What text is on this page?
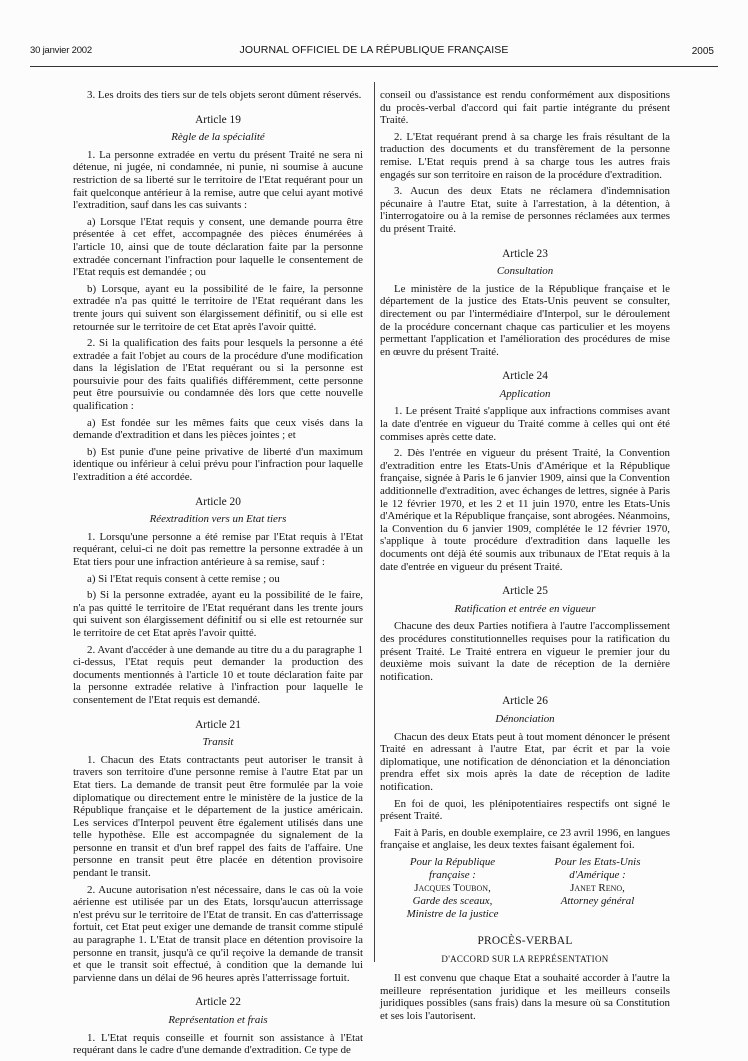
30 janvier 2002	JOURNAL OFFICIEL DE LA RÉPUBLIQUE FRANÇAISE	2005

3. Les droits des tiers sur de tels objets seront dûment réservés.

Article 19
Règle de la spécialité

1. La personne extradée en vertu du présent Traité ne sera ni détenue, ni jugée, ni condamnée, ni punie, ni soumise à aucune restriction de sa liberté sur le territoire de l'Etat requérant pour un fait quelconque antérieur à la remise, autre que celui ayant motivé l'extradition, sauf dans les cas suivants :

a) Lorsque l'Etat requis y consent, une demande pourra être présentée à cet effet, accompagnée des pièces énumérées à l'article 10, ainsi que de toute déclaration faite par la personne extradée concernant l'infraction pour laquelle le consentement de l'Etat requis est demandée ; ou

b) Lorsque, ayant eu la possibilité de le faire, la personne extradée n'a pas quitté le territoire de l'Etat requérant dans les trente jours qui suivent son élargissement définitif, ou si elle est retournée sur le territoire de cet Etat après l'avoir quitté.

2. Si la qualification des faits pour lesquels la personne a été extradée a fait l'objet au cours de la procédure d'une modification dans la législation de l'Etat requérant ou si la personne est poursuivie pour des faits qualifiés différemment, cette personne peut être poursuivie ou condamnée dès lors que cette nouvelle qualification :

a) Est fondée sur les mêmes faits que ceux visés dans la demande d'extradition et dans les pièces jointes ; et

b) Est punie d'une peine privative de liberté d'un maximum identique ou inférieur à celui prévu pour l'infraction pour laquelle l'extradition a été accordée.

Article 20
Réextradition vers un Etat tiers

1. Lorsqu'une personne a été remise par l'Etat requis à l'Etat requérant, celui-ci ne doit pas remettre la personne extradée à un Etat tiers pour une infraction antérieure à sa remise, sauf :

a) Si l'Etat requis consent à cette remise ; ou

b) Si la personne extradée, ayant eu la possibilité de le faire, n'a pas quitté le territoire de l'Etat requérant dans les trente jours qui suivent son élargissement définitif ou si elle est retournée sur le territoire de cet Etat après l'avoir quitté.

2. Avant d'accéder à une demande au titre du a du paragraphe 1 ci-dessus, l'Etat requis peut demander la production des documents mentionnés à l'article 10 et toute déclaration faite par la personne extradée relative à l'infraction pour laquelle le consentement de l'Etat requis est demandé.

Article 21
Transit

1. Chacun des Etats contractants peut autoriser le transit à travers son territoire d'une personne remise à l'autre Etat par un Etat tiers. La demande de transit peut être formulée par la voie diplomatique ou directement entre le ministère de la justice de la République française et le département de la justice américain. Les services d'Interpol peuvent être également utilisés dans une telle hypothèse. Elle est accompagnée du signalement de la personne en transit et d'un bref rappel des faits de l'affaire. Une personne en transit peut être placée en détention provisoire pendant le transit.

2. Aucune autorisation n'est nécessaire, dans le cas où la voie aérienne est utilisée par un des Etats, lorsqu'aucun atterrissage n'est prévu sur le territoire de l'Etat de transit. En cas d'atterrissage fortuit, cet Etat peut exiger une demande de transit comme stipulé au paragraphe 1. L'Etat de transit place en détention provisoire la personne en transit, jusqu'à ce qu'il reçoive la demande de transit et que le transit soit effectué, à condition que la demande lui parvienne dans un délai de 96 heures après l'atterrissage fortuit.

Article 22
Représentation et frais

1. L'Etat requis conseille et fournit son assistance à l'Etat requérant dans le cadre d'une demande d'extradition. Ce type de

conseil ou d'assistance est rendu conformément aux dispositions du procès-verbal d'accord qui fait partie intégrante du présent Traité.

2. L'Etat requérant prend à sa charge les frais résultant de la traduction des documents et du transfèrement de la personne remise. L'Etat requis prend à sa charge tous les autres frais engagés sur son territoire en raison de la procédure d'extradition.

3. Aucun des deux Etats ne réclamera d'indemnisation pécunaire à l'autre Etat, suite à l'arrestation, à la détention, à l'interrogatoire ou à la remise de personnes réclamées aux termes du présent Traité.

Article 23
Consultation

Le ministère de la justice de la République française et le département de la justice des Etats-Unis peuvent se consulter, directement ou par l'intermédiaire d'Interpol, sur le déroulement de la procédure concernant chaque cas particulier et les moyens permettant l'application et l'amélioration des procédures de mise en œuvre du présent Traité.

Article 24
Application

1. Le présent Traité s'applique aux infractions commises avant la date d'entrée en vigueur du Traité comme à celles qui ont été commises après cette date.

2. Dès l'entrée en vigueur du présent Traité, la Convention d'extradition entre les Etats-Unis d'Amérique et la République française, signée à Paris le 6 janvier 1909, ainsi que la Convention additionnelle d'extradition, avec échanges de lettres, signée à Paris le 12 février 1970, et les 2 et 11 juin 1970, entre les Etats-Unis d'Amérique et la République française, sont abrogées. Néanmoins, la Convention du 6 janvier 1909, complétée le 12 février 1970, s'applique à toute procédure d'extradition dans laquelle les documents ont déjà été soumis aux tribunaux de l'Etat requis à la date d'entrée en vigueur du présent Traité.

Article 25
Ratification et entrée en vigueur

Chacune des deux Parties notifiera à l'autre l'accomplissement des procédures constitutionnelles requises pour la ratification du présent Traité. Le Traité entrera en vigueur le premier jour du deuxième mois suivant la date de réception de la dernière notification.

Article 26
Dénonciation

Chacun des deux Etats peut à tout moment dénoncer le présent Traité en adressant à l'autre Etat, par écrit et par la voie diplomatique, une notification de dénonciation et la dénonciation prendra effet six mois après la date de réception de ladite notification.

En foi de quoi, les plénipotentiaires respectifs ont signé le présent Traité.

Fait à Paris, en double exemplaire, ce 23 avril 1996, en langues française et anglaise, les deux textes faisant également foi.

Pour la République
française :
Jacques Toubon,
Garde des sceaux,
Ministre de la justice
Pour les Etats-Unis
d'Amérique :
Janet Reno,
Attorney général
PROCÈS-VERBAL
D'ACCORD SUR LA REPRÉSENTATION

Il est convenu que chaque Etat a souhaité accorder à l'autre la meilleure représentation juridique et les meilleurs conseils juridiques possibles (sans frais) dans la mesure où sa Constitution et ses lois l'autorisent.
